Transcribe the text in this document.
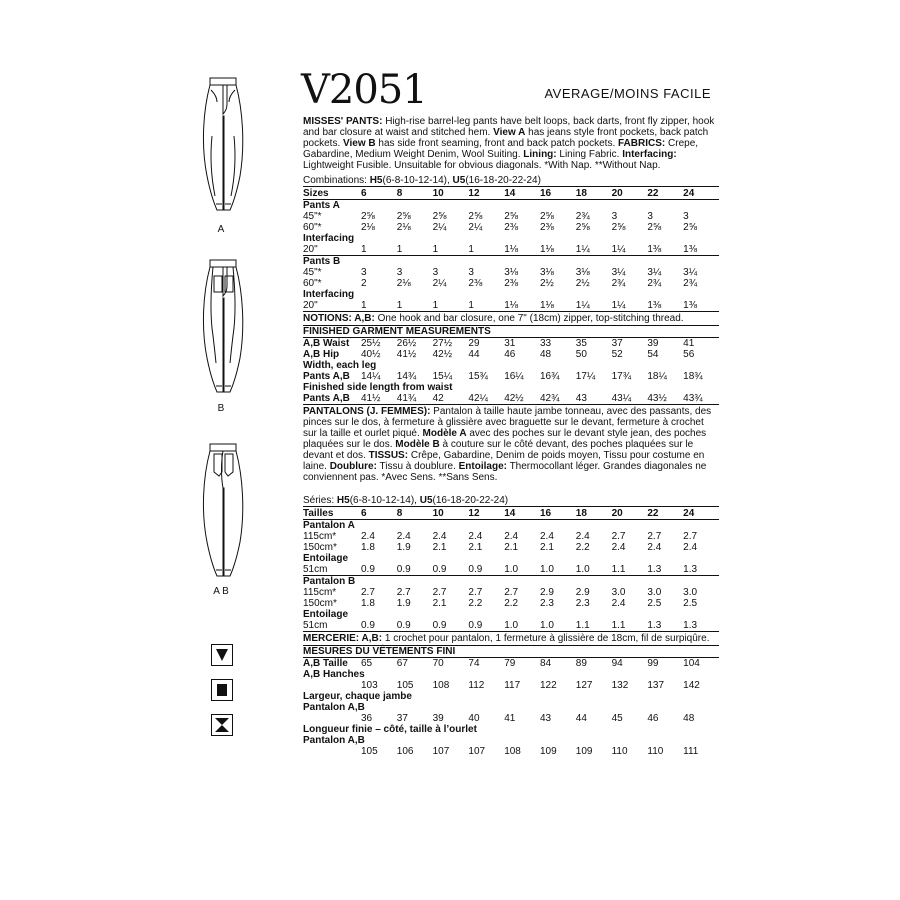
A
B
A B
V2051	AVERAGE/MOINS FACILE

MISSES' PANTS: High-rise barrel-leg pants have belt loops, back darts, front fly zipper, hook and bar closure at waist and stitched hem. View A has jeans style front pockets, back patch pockets. View B has side front seaming, front and back patch pockets. FABRICS: Crepe, Gabardine, Medium Weight Denim, Wool Suiting. Lining: Lining Fabric. Interfacing: Lightweight Fusible. Unsuitable for obvious diagonals. *With Nap. **Without Nap.

Combinations: H5(6-8-10-12-14), U5(16-18-20-22-24)
Sizes	6	8	10	12	14	16	18	20	22	24
Pants A										
45"*	2⅝	2⅝	2⅝	2⅝	2⅝	2⅝	2¾	3	3	3
60"*	2⅛	2⅛	2¼	2¼	2⅜	2⅜	2⅝	2⅝	2⅝	2⅝
Interfacing										
20"	1	1	1	1	1⅛	1⅛	1¼	1¼	1⅜	1⅜
Pants B										
45"*	3	3	3	3	3⅛	3⅛	3⅛	3¼	3¼	3¼
60"*	2	2⅛	2¼	2⅜	2⅜	2½	2½	2¾	2¾	2¾
Interfacing										
20"	1	1	1	1	1⅛	1⅛	1¼	1¼	1⅜	1⅜
NOTIONS: A,B: One hook and bar closure, one 7" (18cm) zipper, top-stitching thread.
FINISHED GARMENT MEASUREMENTS
A,B Waist	25½	26½	27½	29	31	33	35	37	39	41
A,B Hip	40½	41½	42½	44	46	48	50	52	54	56
Width, each leg										
Pants A,B	14¼	14¾	15¼	15¾	16¼	16¾	17¼	17¾	18¼	18¾
Finished side length from waist										
Pants A,B	41½	41¾	42	42¼	42½	42¾	43	43¼	43½	43¾

PANTALONS (J. FEMMES): Pantalon à taille haute jambe tonneau, avec des passants, des pinces sur le dos, à fermeture à glissière avec braguette sur le devant, fermeture à crochet sur la taille et ourlet piqué. Modèle A avec des poches sur le devant style jean, des poches plaquées sur le dos. Modèle B à couture sur le côté devant, des poches plaquées sur le devant et dos. TISSUS: Crêpe, Gabardine, Denim de poids moyen, Tissu pour costume en laine. Doublure: Tissu à doublure. Entoilage: Thermocollant léger. Grandes diagonales ne conviennent pas. *Avec Sens. **Sans Sens.

Séries: H5(6-8-10-12-14), U5(16-18-20-22-24)
Tailles	6	8	10	12	14	16	18	20	22	24
Pantalon A										
115cm*	2.4	2.4	2.4	2.4	2.4	2.4	2.4	2.7	2.7	2.7
150cm*	1.8	1.9	2.1	2.1	2.1	2.1	2.2	2.4	2.4	2.4
Entoilage										
51cm	0.9	0.9	0.9	0.9	1.0	1.0	1.0	1.1	1.3	1.3
Pantalon B										
115cm*	2.7	2.7	2.7	2.7	2.7	2.9	2.9	3.0	3.0	3.0
150cm*	1.8	1.9	2.1	2.2	2.2	2.3	2.3	2.4	2.5	2.5
Entoilage										
51cm	0.9	0.9	0.9	0.9	1.0	1.0	1.1	1.1	1.3	1.3
MERCERIE: A,B: 1 crochet pour pantalon, 1 fermeture à glissière de 18cm, fil de surpiqûre.
MESURES DU VÊTEMENTS FINI
A,B Taille	65	67	70	74	79	84	89	94	99	104
A,B Hanches										
	103	105	108	112	117	122	127	132	137	142
Largeur, chaque jambe										
Pantalon A,B										
	36	37	39	40	41	43	44	45	46	48
Longueur finie – côté, taille à l’ourlet										
Pantalon A,B										
	105	106	107	107	108	109	109	110	110	111
